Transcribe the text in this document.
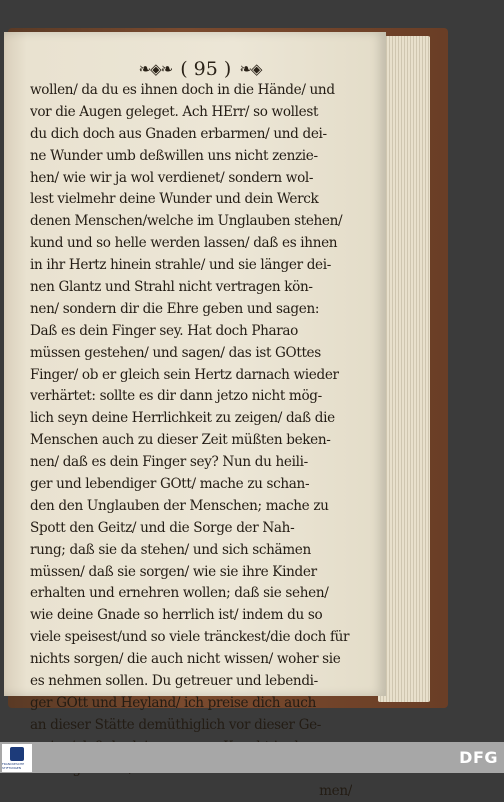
❧◈❧ ( 95 ) ❧◈
wollen/ da du es ihnen doch in die Hände/ und
vor die Augen geleget. Ach HErr/ so wollest
du dich doch aus Gnaden erbarmen/ und dei-
ne Wunder umb deßwillen uns nicht zenzie-
hen/ wie wir ja wol verdienet/ sondern wol-
lest vielmehr deine Wunder und dein Werck
denen Menschen/welche im Unglauben stehen/
kund und so helle werden lassen/ daß es ihnen
in ihr Hertz hinein strahle/ und sie länger dei-
nen Glantz und Strahl nicht vertragen kön-
nen/ sondern dir die Ehre geben und sagen:
Daß es dein Finger sey. Hat doch Pharao
müssen gestehen/ und sagen/ das ist GOttes
Finger/ ob er gleich sein Hertz darnach wieder
verhärtet: sollte es dir dann jetzo nicht mög-
lich seyn deine Herrlichkeit zu zeigen/ daß die
Menschen auch zu dieser Zeit müßten beken-
nen/ daß es dein Finger sey? Nun du heili-
ger und lebendiger GOtt/ mache zu schan-
den den Unglauben der Menschen; mache zu
Spott den Geitz/ und die Sorge der Nah-
rung; daß sie da stehen/ und sich schämen
müssen/ daß sie sorgen/ wie sie ihre Kinder
erhalten und ernehren wollen; daß sie sehen/
wie deine Gnade so herrlich ist/ indem du so
viele speisest/und so viele tränckest/die doch für
nichts sorgen/ die auch nicht wissen/ woher sie
es nehmen sollen. Du getreuer und lebendi-
ger GOtt und Heyland/ ich preise dich auch
an dieser Stätte demüthiglich vor dieser Ge-
men/
FRANCKESCHE STIFTUNGEN
DFG
